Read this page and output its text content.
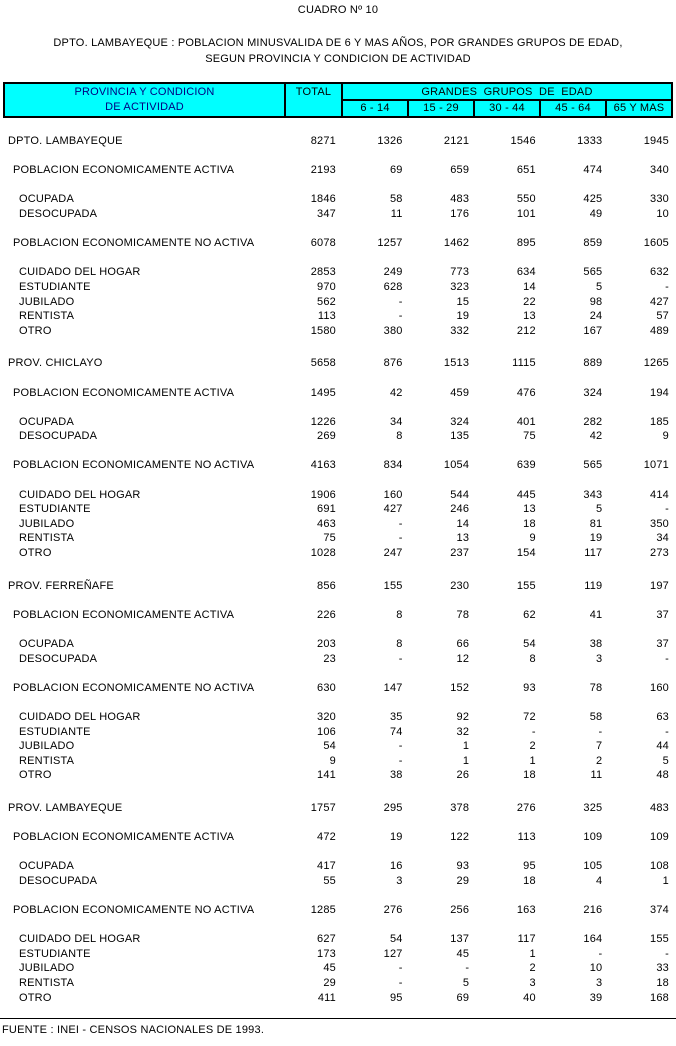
CUADRO Nº 10
DPTO. LAMBAYEQUE : POBLACION MINUSVALIDA DE 6 Y MAS AÑOS, POR GRANDES GRUPOS DE EDAD,
SEGUN PROVINCIA Y CONDICION DE ACTIVIDAD
PROVINCIA Y CONDICION
DE ACTIVIDAD
TOTAL	GRANDES  GRUPOS  DE  EDAD
6 - 14	15 - 29	30 - 44	45 - 64	65 Y MAS
DPTO. LAMBAYEQUE	8271	1326	2121	1546	1333	1945
POBLACION ECONOMICAMENTE ACTIVA	2193	69	659	651	474	340
OCUPADA	1846	58	483	550	425	330
DESOCUPADA	347	11	176	101	49	10
POBLACION ECONOMICAMENTE NO ACTIVA	6078	1257	1462	895	859	1605
CUIDADO DEL HOGAR	2853	249	773	634	565	632
ESTUDIANTE	970	628	323	14	5	-
JUBILADO	562	-	15	22	98	427
RENTISTA	113	-	19	13	24	57
OTRO	1580	380	332	212	167	489
PROV. CHICLAYO	5658	876	1513	1115	889	1265
POBLACION ECONOMICAMENTE ACTIVA	1495	42	459	476	324	194
OCUPADA	1226	34	324	401	282	185
DESOCUPADA	269	8	135	75	42	9
POBLACION ECONOMICAMENTE NO ACTIVA	4163	834	1054	639	565	1071
CUIDADO DEL HOGAR	1906	160	544	445	343	414
ESTUDIANTE	691	427	246	13	5	-
JUBILADO	463	-	14	18	81	350
RENTISTA	75	-	13	9	19	34
OTRO	1028	247	237	154	117	273
PROV. FERREÑAFE	856	155	230	155	119	197
POBLACION ECONOMICAMENTE ACTIVA	226	8	78	62	41	37
OCUPADA	203	8	66	54	38	37
DESOCUPADA	23	-	12	8	3	-
POBLACION ECONOMICAMENTE NO ACTIVA	630	147	152	93	78	160
CUIDADO DEL HOGAR	320	35	92	72	58	63
ESTUDIANTE	106	74	32	-	-	-
JUBILADO	54	-	1	2	7	44
RENTISTA	9	-	1	1	2	5
OTRO	141	38	26	18	11	48
PROV. LAMBAYEQUE	1757	295	378	276	325	483
POBLACION ECONOMICAMENTE ACTIVA	472	19	122	113	109	109
OCUPADA	417	16	93	95	105	108
DESOCUPADA	55	3	29	18	4	1
POBLACION ECONOMICAMENTE NO ACTIVA	1285	276	256	163	216	374
CUIDADO DEL HOGAR	627	54	137	117	164	155
ESTUDIANTE	173	127	45	1	-	-
JUBILADO	45	-	-	2	10	33
RENTISTA	29	-	5	3	3	18
OTRO	411	95	69	40	39	168
FUENTE : INEI - CENSOS NACIONALES DE 1993.
